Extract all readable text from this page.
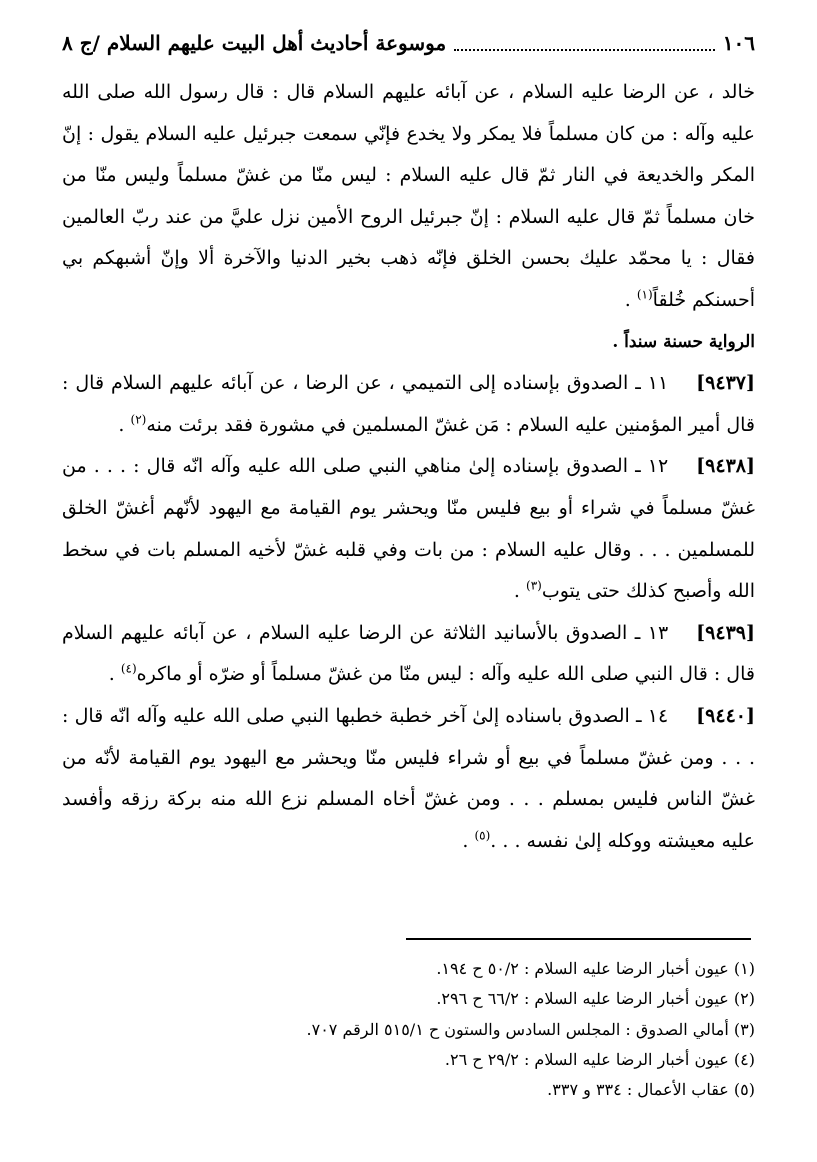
١٠٦
موسوعة أحاديث أهل البيت عليهم السلام /ج ٨

خالد ، عن الرضا عليه السلام ، عن آبائه عليهم السلام قال : قال رسول الله صلى الله عليه وآله : من كان مسلماً فلا يمكر ولا يخدع فإنّي سمعت جبرئيل عليه السلام يقول : إنّ المكر والخديعة في النار ثمّ قال عليه السلام : ليس منّا من غشّ مسلماً وليس منّا من خان مسلماً ثمّ قال عليه السلام : إنّ جبرئيل الروح الأمين نزل عليَّ من عند ربّ العالمين فقال : يا محمّد عليك بحسن الخلق فإنّه ذهب بخير الدنيا والآخرة ألا وإنّ أشبهكم بي أحسنكم خُلقاً$^{(١)}$ .

الرواية حسنة سنداً .

[٩٤٣٧]١١ ـ الصدوق بإسناده إلى التميمي ، عن الرضا ، عن آبائه عليهم السلام قال : قال أمير المؤمنين عليه السلام : مَن غشّ المسلمين في مشورة فقد برئت منه$^{(٢)}$ .

[٩٤٣٨]١٢ ـ الصدوق بإسناده إلىٰ مناهي النبي صلى الله عليه وآله انّه قال : . . . من غشّ مسلماً في شراء أو بيع فليس منّا ويحشر يوم القيامة مع اليهود لأنّهم أغشّ الخلق للمسلمين . . . وقال عليه السلام : من بات وفي قلبه غشّ لأخيه المسلم بات في سخط الله وأصبح كذلك حتى يتوب$^{(٣)}$ .

[٩٤٣٩]١٣ ـ الصدوق بالأسانيد الثلاثة عن الرضا عليه السلام ، عن آبائه عليهم السلام قال : قال النبي صلى الله عليه وآله : ليس منّا من غشّ مسلماً أو ضرّه أو ماكره$^{(٤)}$ .

[٩٤٤٠]١٤ ـ الصدوق باسناده إلىٰ آخر خطبة خطبها النبي صلى الله عليه وآله انّه قال : . . . ومن غشّ مسلماً في بيع أو شراء فليس منّا ويحشر مع اليهود يوم القيامة لأنّه من غشّ الناس فليس بمسلم . . . ومن غشّ أخاه المسلم نزع الله منه بركة رزقه وأفسد عليه معيشته ووكله إلىٰ نفسه . . .$^{(٥)}$ .

(١) عيون أخبار الرضا عليه السلام : ٥٠/٢ ح ١٩٤.
(٢) عيون أخبار الرضا عليه السلام : ٦٦/٢ ح ٢٩٦.
(٣) أمالي الصدوق : المجلس السادس والستون ح ٥١٥/١ الرقم ٧٠٧.
(٤) عيون أخبار الرضا عليه السلام : ٢٩/٢ ح ٢٦.
(٥) عقاب الأعمال : ٣٣٤ و ٣٣٧.
